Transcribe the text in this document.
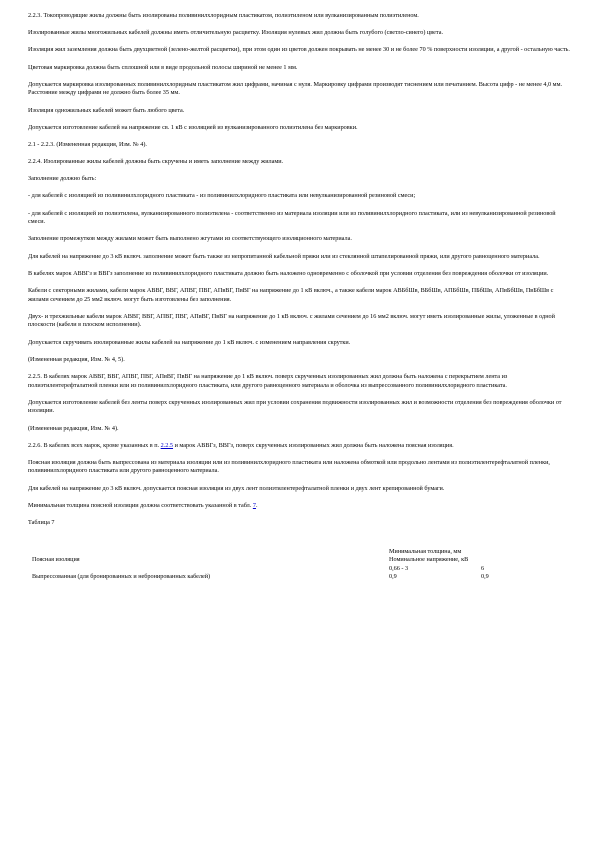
2.2.3. Токопроводящие жилы должны быть изолированы поливинилхлоридным пластикатом, полиэтиленом или вулканизированным полиэтиленом.

Изолированные жилы многожильных кабелей должны иметь отличительную расцветку. Изоляция нулевых жил должна быть голубого (светло-синего) цвета.

Изоляция жил заземления должна быть двухцветной (зелено-желтой расцветки), при этом один из цветов должен покрывать не менее 30 и не более 70 % поверхности изоляции, а другой - остальную часть.

Цветовая маркировка должна быть сплошной или в виде продольной полосы шириной не менее 1 мм.

Допускается маркировка изолированных поливинилхлоридным пластикатом жил цифрами, начиная с нуля. Маркировку цифрами производят тиснением или печатанием. Высота цифр - не менее 4,0 мм. Расстояние между цифрами не должно быть более 35 мм.

Изоляция одножильных кабелей может быть любого цвета.

Допускается изготовление кабелей на напряжение св. 1 кВ с изоляцией из вулканизированного полиэтилена без маркировки.

2.1 - 2.2.3. (Измененная редакция, Изм. № 4).

2.2.4. Изолированные жилы кабелей должны быть скручены и иметь заполнение между жилами.

Заполнение должно быть:

- для кабелей с изоляцией из поливинилхлоридного пластиката - из поливинилхлоридного пластиката или невулканизированной резиновой смеси;

- для кабелей с изоляцией из полиэтилена, вулканизированного полиэтилена - соответственно из материала изоляции или из поливинилхлоридного пластиката, или из невулканизированной резиновой смеси.

Заполнение промежутков между жилами может быть выполнено жгутами из соответствующего изоляционного материала.

Для кабелей на напряжение до 3 кВ включ. заполнение может быть также из непропитанной кабельной пряжи или из стеклянной штапелированной пряжи, или другого равноценного материала.

В кабелях марок АВВГз и ВВГз заполнение из поливинилхлоридного пластиката должно быть наложено одновременно с оболочкой при условии отделения без повреждения оболочки от изоляции.

Кабели с секторными жилами, кабели марок АВВГ, ВВГ, АПВГ, ПВГ, АПвВГ, ПвВГ на напряжение до 1 кВ включ., а также кабели марок АВБбШв, ВБбШв, АПБбШв, ПБбШв, АПвБбШв, ПвБбШв с жилами сечением до 25 мм2 включ. могут быть изготовлены без заполнения.

Двух- и трехжильные кабели марок АВВГ, ВВГ, АПВГ, ПВГ, АПвВГ, ПвВГ на напряжение до 1 кВ включ. с жилами сечением до 16 мм2 включ. могут иметь изолированные жилы, уложенные в одной плоскости (кабели в плоском исполнении).

Допускается скручивать изолированные жилы кабелей на напряжение до 1 кВ включ. с изменением направления скрутки.

(Измененная редакция, Изм. № 4, 5).

2.2.5. В кабелях марок АВВГ, ВВГ, АПВГ, ПВГ, АПвВГ, ПвВГ на напряжение до 1 кВ включ. поверх скрученных изолированных жил должна быть наложена с перекрытием лента из полиэтилентерефталатной пленки или из поливинилхлоридного пластиката, или другого равноценного материала и оболочка из выпрессованного поливинилхлоридного пластиката.

Допускается изготовление кабелей без ленты поверх скрученных изолированных жил при условии сохранения подвижности изолированных жил и возможности отделения без повреждения оболочки от изоляции.

(Измененная редакция, Изм. № 4).

2.2.6. В кабелях всех марок, кроме указанных в п. 2.2.5 и марок АВВГз, ВВГз, поверх скрученных изолированных жил должна быть наложена поясная изоляция.

Поясная изоляция должна быть выпрессована из материала изоляции или из поливинилхлоридного пластиката или наложена обмоткой или продольно лентами из полиэтилентерефталатной пленки, поливинилхлоридного пластиката или другого равноценного материала.

Для кабелей на напряжение до 3 кВ включ. допускается поясная изоляция из двух лент полиэтилентерефталатной пленки и двух лент крепированной бумаги.

Минимальная толщина поясной изоляции должна соответствовать указанной в табл. 7.

Таблица 7

	Минимальная толщина, мм	
Поясная изоляция	Номинальное напряжение, кВ	
	0,66 - 3	6
Выпрессованная (для бронированных и небронированных кабелей)	0,9	0,9
